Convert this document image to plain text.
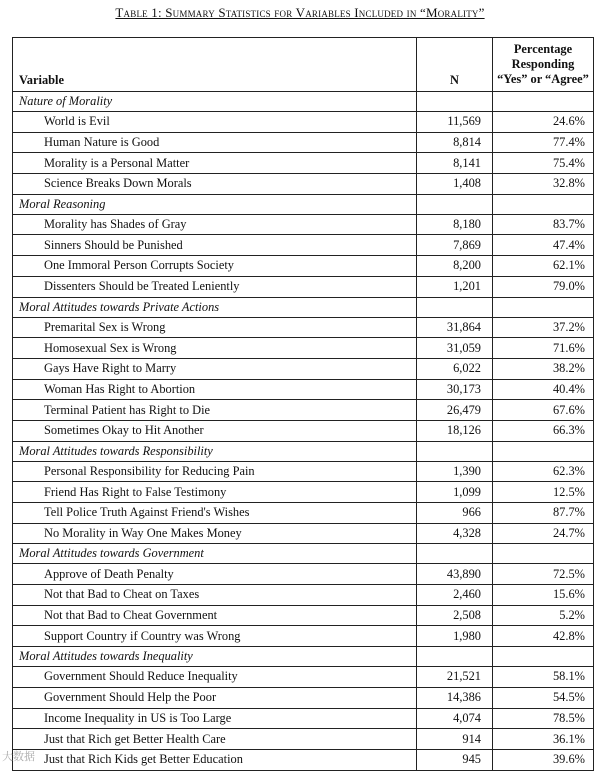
Table 1: Summary Statistics for Variables Included in “Morality”
Variable	N	Percentage
Responding
“Yes” or “Agree”

Nature of Morality		
World is Evil	11,569	24.6%
Human Nature is Good	8,814	77.4%
Morality is a Personal Matter	8,141	75.4%
Science Breaks Down Morals	1,408	32.8%
Moral Reasoning		
Morality has Shades of Gray	8,180	83.7%
Sinners Should be Punished	7,869	47.4%
One Immoral Person Corrupts Society	8,200	62.1%
Dissenters Should be Treated Leniently	1,201	79.0%
Moral Attitudes towards Private Actions		
Premarital Sex is Wrong	31,864	37.2%
Homosexual Sex is Wrong	31,059	71.6%
Gays Have Right to Marry	6,022	38.2%
Woman Has Right to Abortion	30,173	40.4%
Terminal Patient has Right to Die	26,479	67.6%
Sometimes Okay to Hit Another	18,126	66.3%
Moral Attitudes towards Responsibility		
Personal Responsibility for Reducing Pain	1,390	62.3%
Friend Has Right to False Testimony	1,099	12.5%
Tell Police Truth Against Friend's Wishes	966	87.7%
No Morality in Way One Makes Money	4,328	24.7%
Moral Attitudes towards Government		
Approve of Death Penalty	43,890	72.5%
Not that Bad to Cheat on Taxes	2,460	15.6%
Not that Bad to Cheat Government	2,508	5.2%
Support Country if Country was Wrong	1,980	42.8%
Moral Attitudes towards Inequality		
Government Should Reduce Inequality	21,521	58.1%
Government Should Help the Poor	14,386	54.5%
Income Inequality in US is Too Large	4,074	78.5%
Just that Rich get Better Health Care	914	36.1%
Just that Rich Kids get Better Education	945	39.6%
大数据
